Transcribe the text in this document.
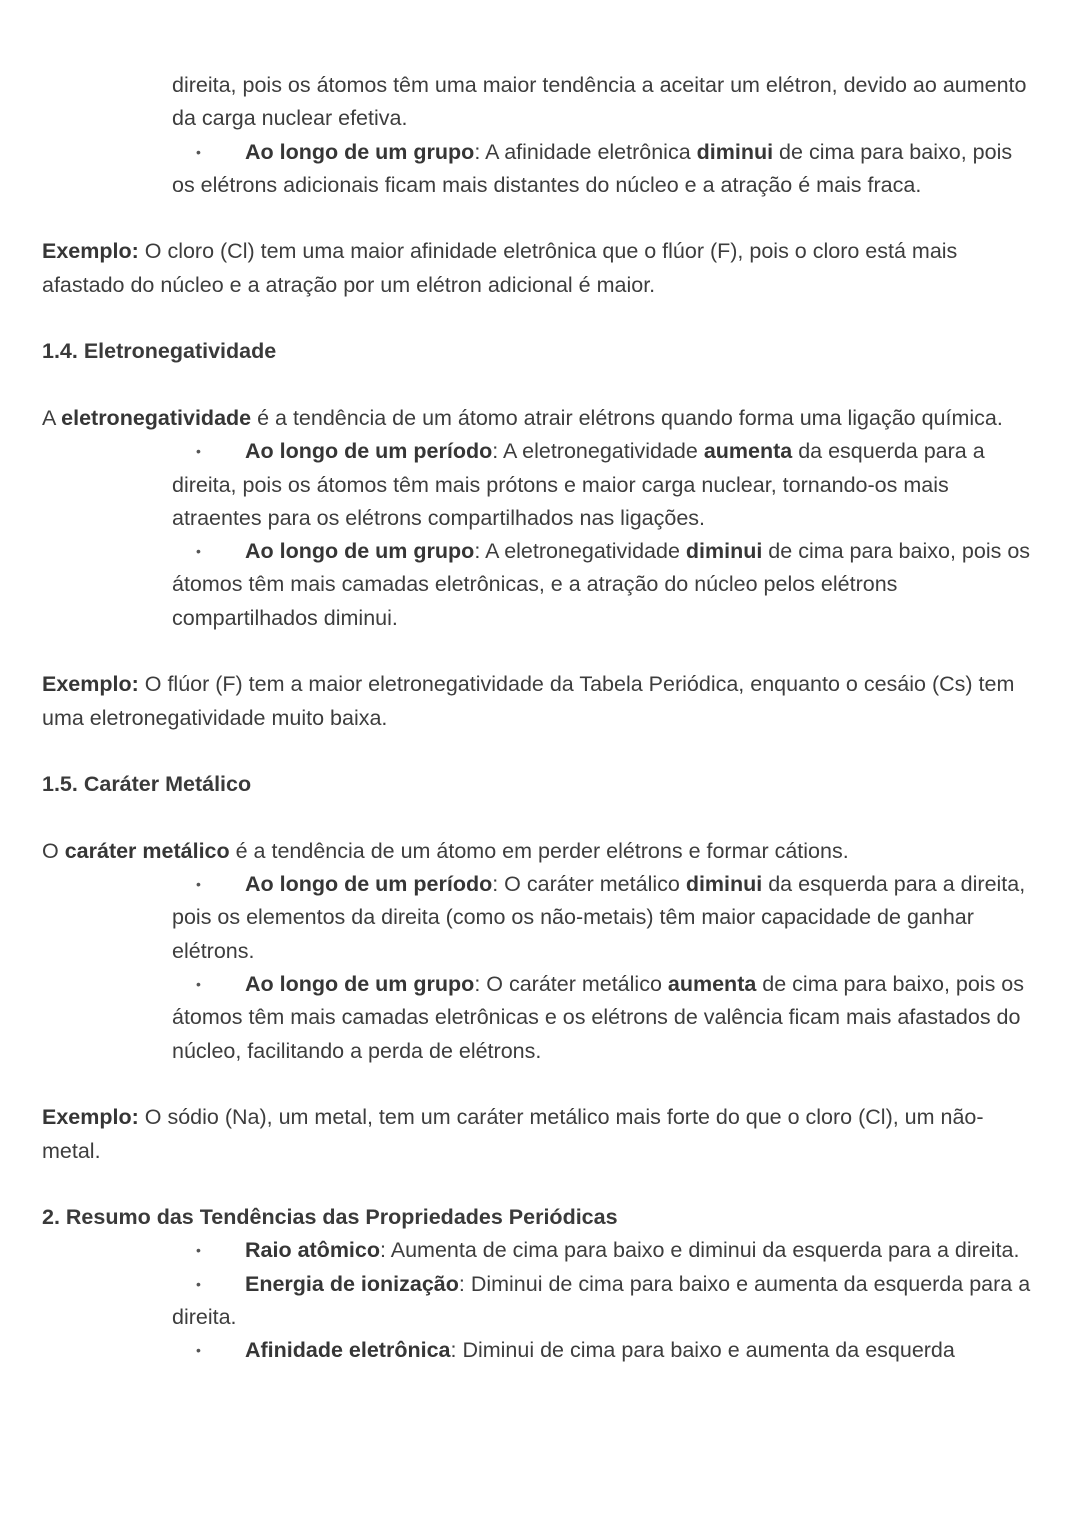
direita, pois os átomos têm uma maior tendência a aceitar um elétron, devido ao aumento da carga nuclear efetiva.

• Ao longo de um grupo: A afinidade eletrônica diminui de cima para baixo, pois os elétrons adicionais ficam mais distantes do núcleo e a atração é mais fraca.

Exemplo: O cloro (Cl) tem uma maior afinidade eletrônica que o flúor (F), pois o cloro está mais afastado do núcleo e a atração por um elétron adicional é maior.

1.4. Eletronegatividade

A eletronegatividade é a tendência de um átomo atrair elétrons quando forma uma ligação química.

• Ao longo de um período: A eletronegatividade aumenta da esquerda para a direita, pois os átomos têm mais prótons e maior carga nuclear, tornando-os mais atraentes para os elétrons compartilhados nas ligações.

• Ao longo de um grupo: A eletronegatividade diminui de cima para baixo, pois os átomos têm mais camadas eletrônicas, e a atração do núcleo pelos elétrons compartilhados diminui.

Exemplo: O flúor (F) tem a maior eletronegatividade da Tabela Periódica, enquanto o cesáio (Cs) tem uma eletronegatividade muito baixa.

1.5. Caráter Metálico

O caráter metálico é a tendência de um átomo em perder elétrons e formar cátions.

• Ao longo de um período: O caráter metálico diminui da esquerda para a direita, pois os elementos da direita (como os não-metais) têm maior capacidade de ganhar elétrons.

• Ao longo de um grupo: O caráter metálico aumenta de cima para baixo, pois os átomos têm mais camadas eletrônicas e os elétrons de valência ficam mais afastados do núcleo, facilitando a perda de elétrons.

Exemplo: O sódio (Na), um metal, tem um caráter metálico mais forte do que o cloro (Cl), um não-metal.

2. Resumo das Tendências das Propriedades Periódicas

• Raio atômico: Aumenta de cima para baixo e diminui da esquerda para a direita.

• Energia de ionização: Diminui de cima para baixo e aumenta da esquerda para a direita.

• Afinidade eletrônica: Diminui de cima para baixo e aumenta da esquerda
